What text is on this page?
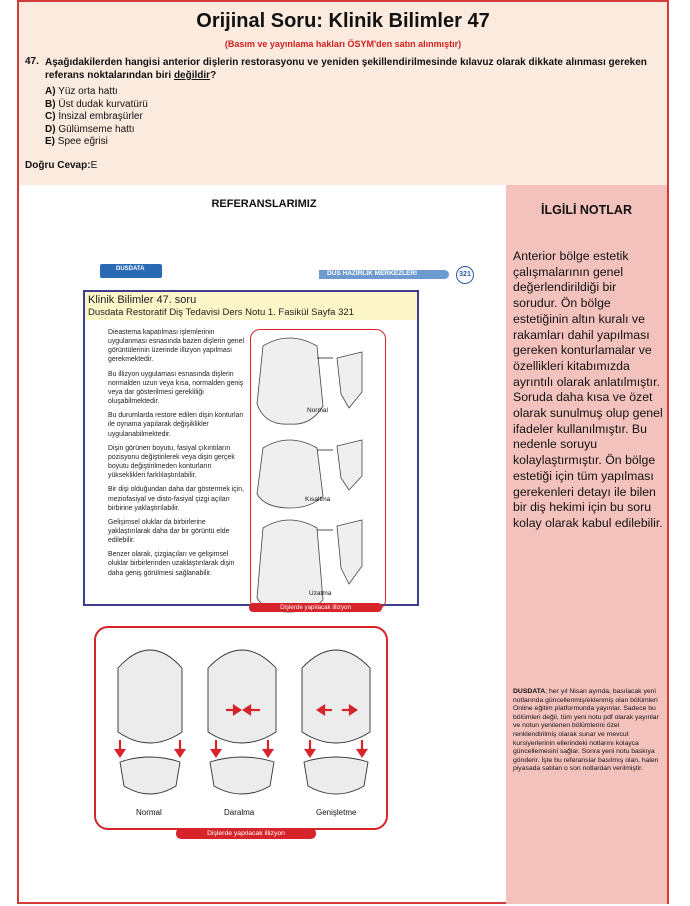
Orijinal Soru: Klinik Bilimler 47
(Basım ve yayınlama hakları ÖSYM'den satın alınmıştır)
47. Aşağıdakilerden hangisi anterior dişlerin restorasyonu ve yeniden şekillendirilmesinde kılavuz olarak dikkate alınması gereken referans noktalarından biri değildir?
A) Yüz orta hattı
B) Üst dudak kurvatürü
C) İnsizal embraşürler
D) Gülümseme hattı
E) Spee eğrisi
Doğru Cevap:E
REFERANSLARIMIZ	İLGİLİ NOTLAR
Anterior bölge estetik çalışmalarının genel değerlendirildiği bir sorudur. Ön bölge estetiğinin altın kuralı ve rakamları dahil yapılması gereken konturlamalar ve özellikleri kitabımızda ayrıntılı olarak anlatılmıştır. Soruda daha kısa ve özet olarak sunulmuş olup genel ifadeler kullanılmıştır. Bu nedenle soruyu kolaylaştırmıştır. Ön bölge estetiği için tüm yapılması gerekenleri detayı ile bilen bir diş hekimi için bu soru kolay olarak kabul edilebilir.
DUSDATA; her yıl Nisan ayında, basılacak yeni notlarında güncellenmiş/eklenmiş olan bölümleri Online eğitim platformunda yayınlar. Sadece bu bölümleri değil, tüm yeni notu pdf olarak yayınlar ve notun yenilenen bölümlerini özel renklendirilmiş olarak sunar ve mevcut kursiyerlerinin ellerindeki notlarını kolayca güncellemesini sağlar. Sonra yeni notu baskıya gönderir. İşte bu referanslar basılmış olan, halen piyasada satılan o son notlardan verilmiştir.
DUSDATA
DUS HAZIRLIK MERKEZLERİ	321
Klinik Bilimler 47. soru
Dusdata Restoratif Diş Tedavisi Ders Notu 1. Fasikül Sayfa 321

Dieastema kapatılması işlemlerinin uygulanması esnasında bazen dişlerin genel görüntülerinin üzerinde illizyon yapılması gerekmektedir.

Bu illizyon uygulaması esnasında dişlerin normalden uzun veya kısa, normalden geniş veya dar gösterilmesi gerekliliği oluşabilmektedir.

Bu durumlarda restore edilen dişin konturları ile oynama yapılarak değişiklikler uygulanabilmektedir.

Dişin görünen boyutu, fasiyal çıkıntıların pozisyonu değiştirilerek veya dişin gerçek boyutu değiştirilmeden konturların yükseklikleri farklılaştırılabilir.

Bir dişi olduğundan daha dar göstermek için, meziofasiyal ve disto-fasiyal çizgi açıları birbirine yaklaştırılabilir.

Gelişimsel oluklar da birbirlerine yaklaştırılarak daha dar bir görüntü elde edilebilir.

Benzer olarak, çizgiaçıları ve gelişimsel oluklar birbirlerinden uzaklaştırılarak dişin daha geniş görülmesi sağlanabilir.

Normal
Kısaltma
Uzatma
Dişlerde yapılacak illizyon
Normal	Daralma	Genişletme
Dişlerde yapılacak illizyon
